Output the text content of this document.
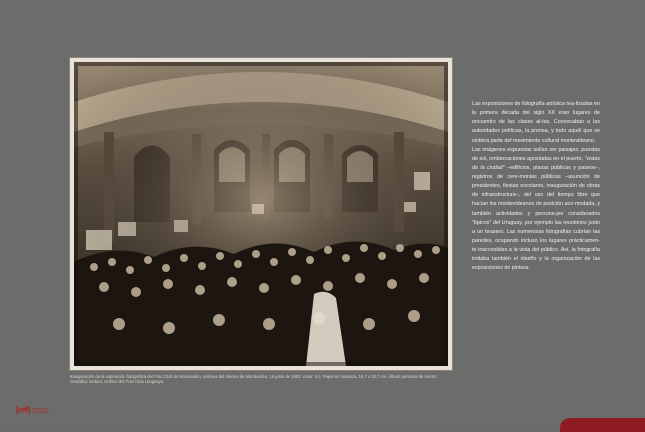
Inauguración de la exposición fotográfica del Foto Club de Montevideo, salones del Ateneo de Montevideo, 16 junio de 1903. Autor: s.d. Papel en mostaza, 16,7 x 20,7 cm. Álbum personal de Héctor González Vedani, Archivo del Foto Club Uruguayo.

Las exposiciones de fotografía artística rea-lizadas en la primera década del siglo XX eran lugares de encuentro de las clases al-tas. Convocaban a las autoridades políticas, la prensa, y todo aquél que se sintiera parte del movimiento cultural montevideano.

Las imágenes expuestas solían ser paisajes, puestas de sol, embarcaciones apostadas en el puerto, "vistas de la ciudad" –edificios, plazas públicas y paseos–, registros de cere-monias públicas –asunción de presidentes, fiestas escolares, inauguración de obras de infraestructura–, del uso del tiempo libre que hacían los montevideanos de posición aco-modada, y también actividades y persona-jes considerados "típicos" del Uruguay, por ejemplo las reuniones junto a un brasero. Las numerosas fotografías cubrían las paredes, ocupando incluso los lugares prácticamen-te inaccesibles a la vista del público. Así, la fotografía imitaba también el diseño y la organización de las exposiciones de pintura.

[cdf] CENTRO DE FOTOGRAFÍA
